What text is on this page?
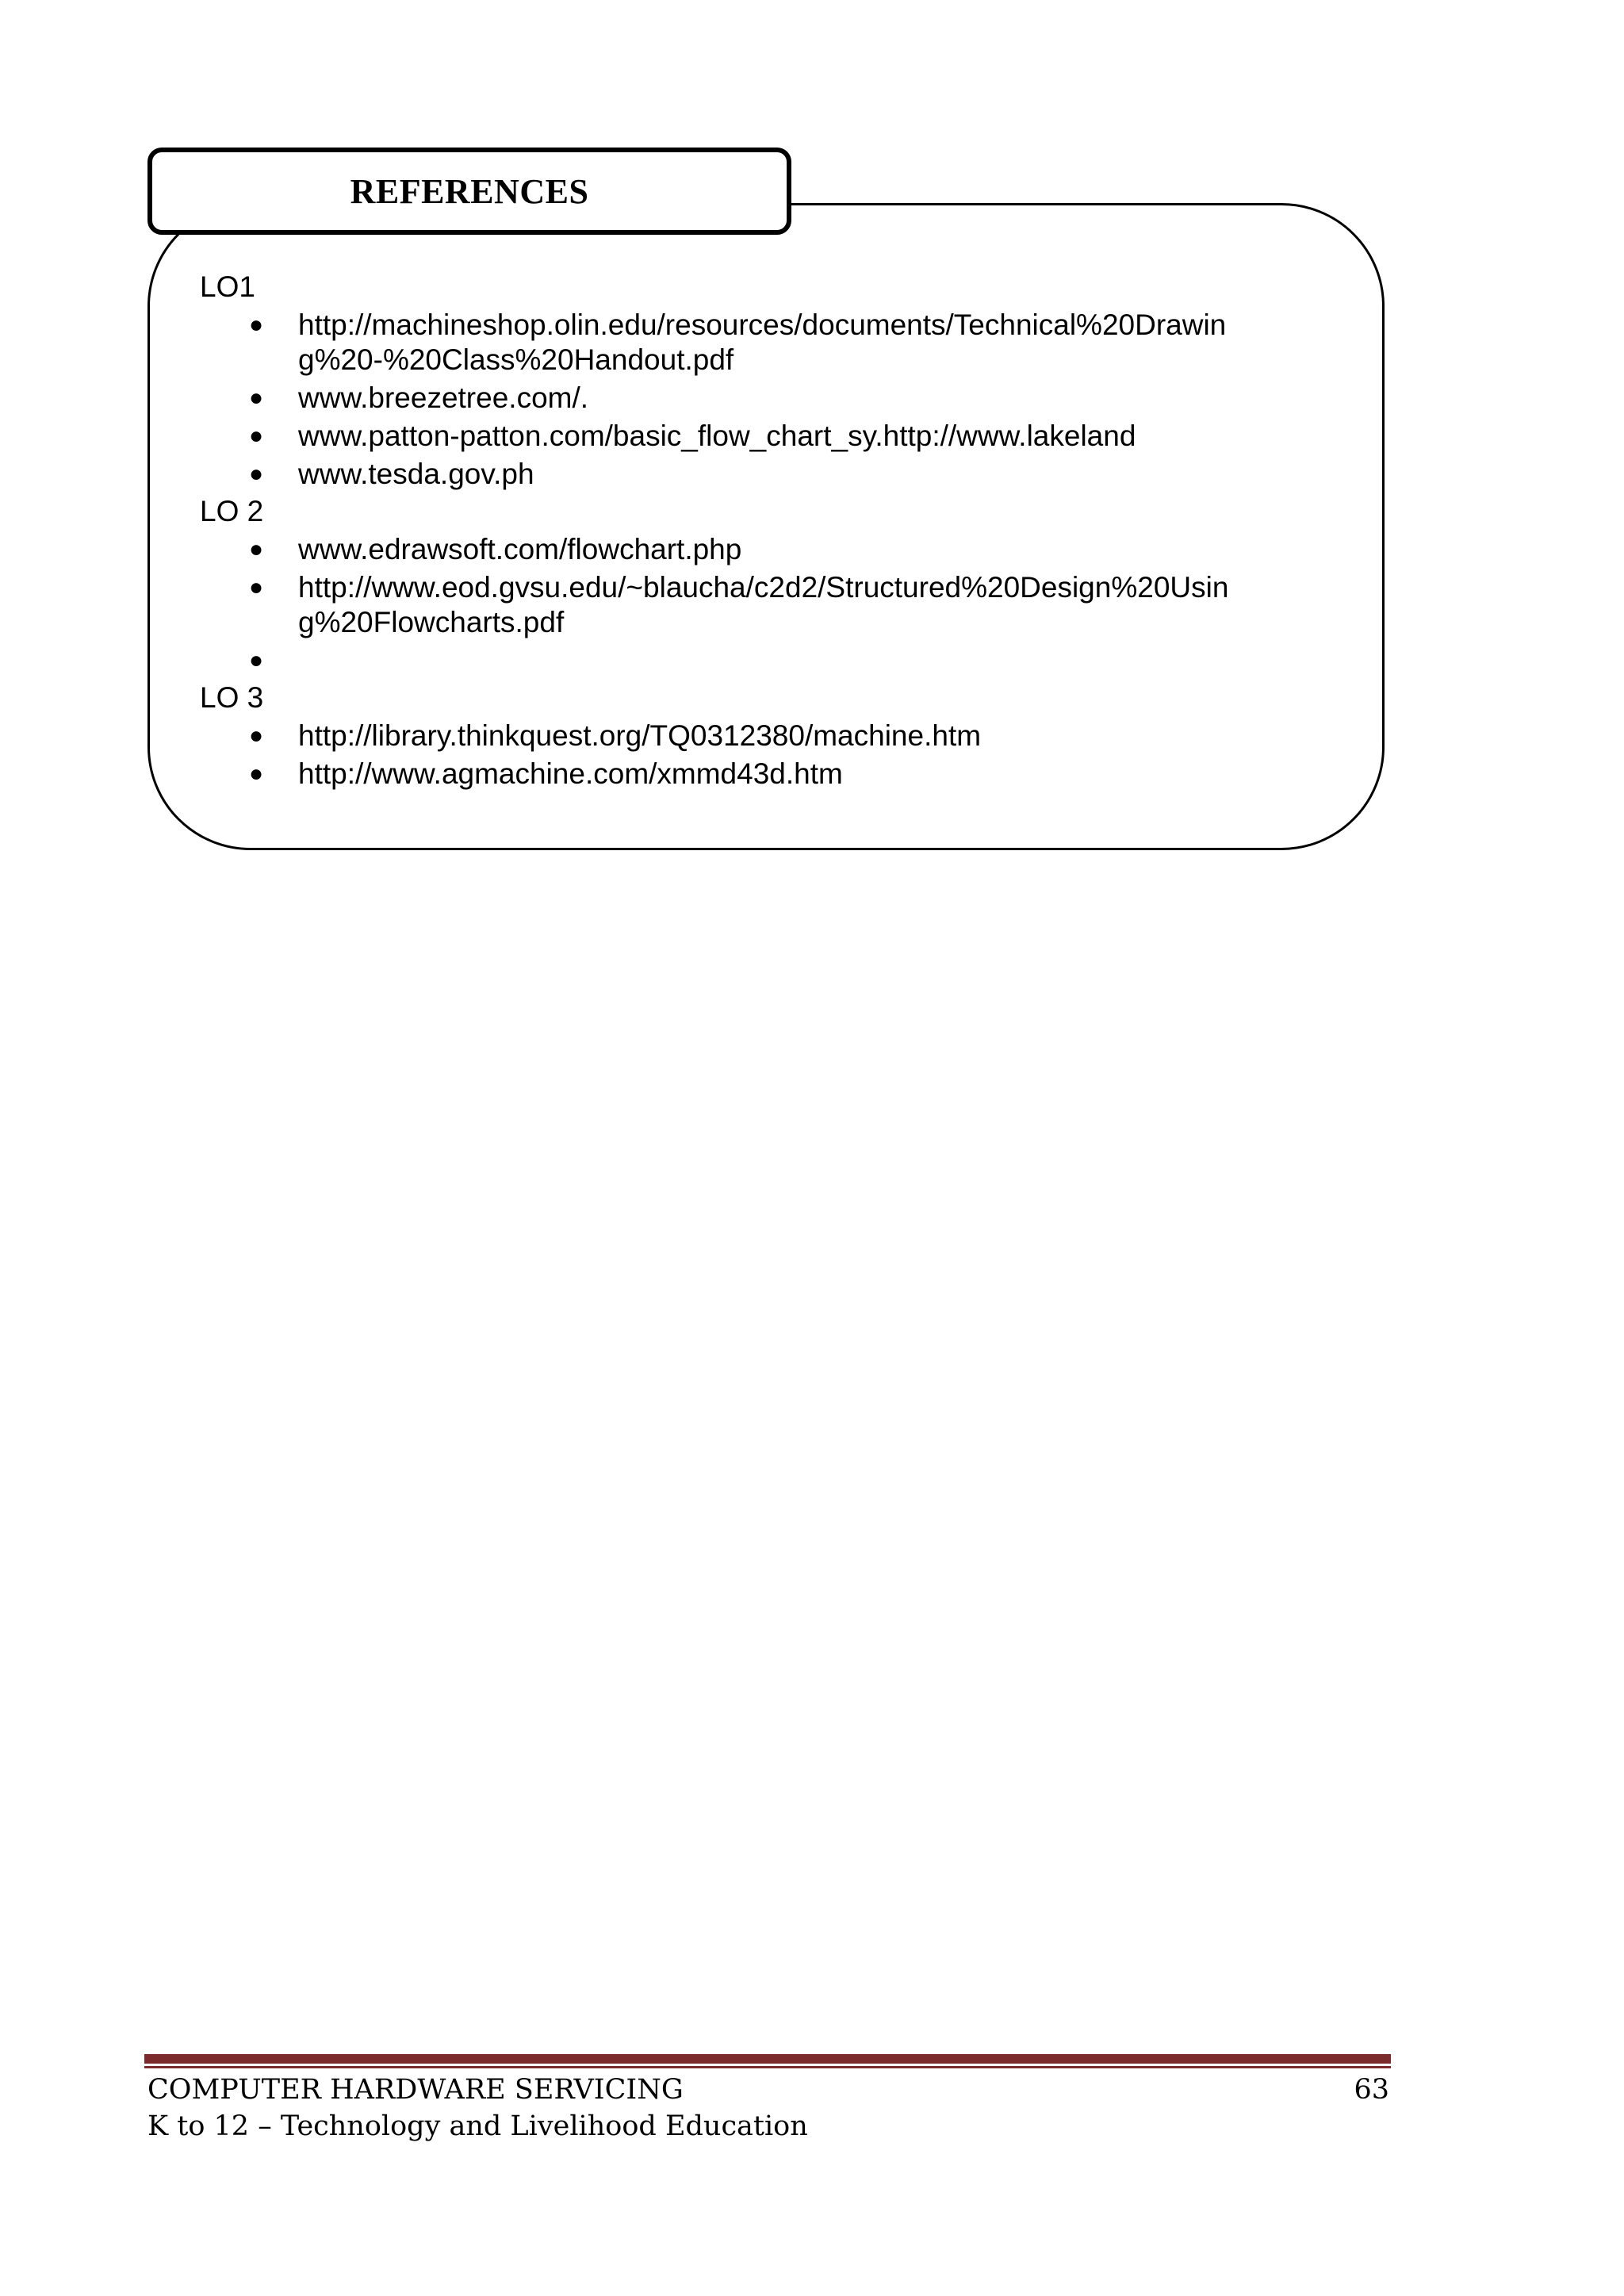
REFERENCES

LO1

● http://machineshop.olin.edu/resources/documents/Technical%20Drawing%20-%20Class%20Handout.pdf
● www.breezetree.com/.
● www.patton-patton.com/basic_flow_chart_sy.http://www.lakeland
● www.tesda.gov.ph

LO 2

● www.edrawsoft.com/flowchart.php
● http://www.eod.gvsu.edu/~blaucha/c2d2/Structured%20Design%20Using%20Flowcharts.pdf
●

LO 3

● http://library.thinkquest.org/TQ0312380/machine.htm
● http://www.agmachine.com/xmmd43d.htm
COMPUTER HARDWARE SERVICING	63
K to 12 – Technology and Livelihood Education
